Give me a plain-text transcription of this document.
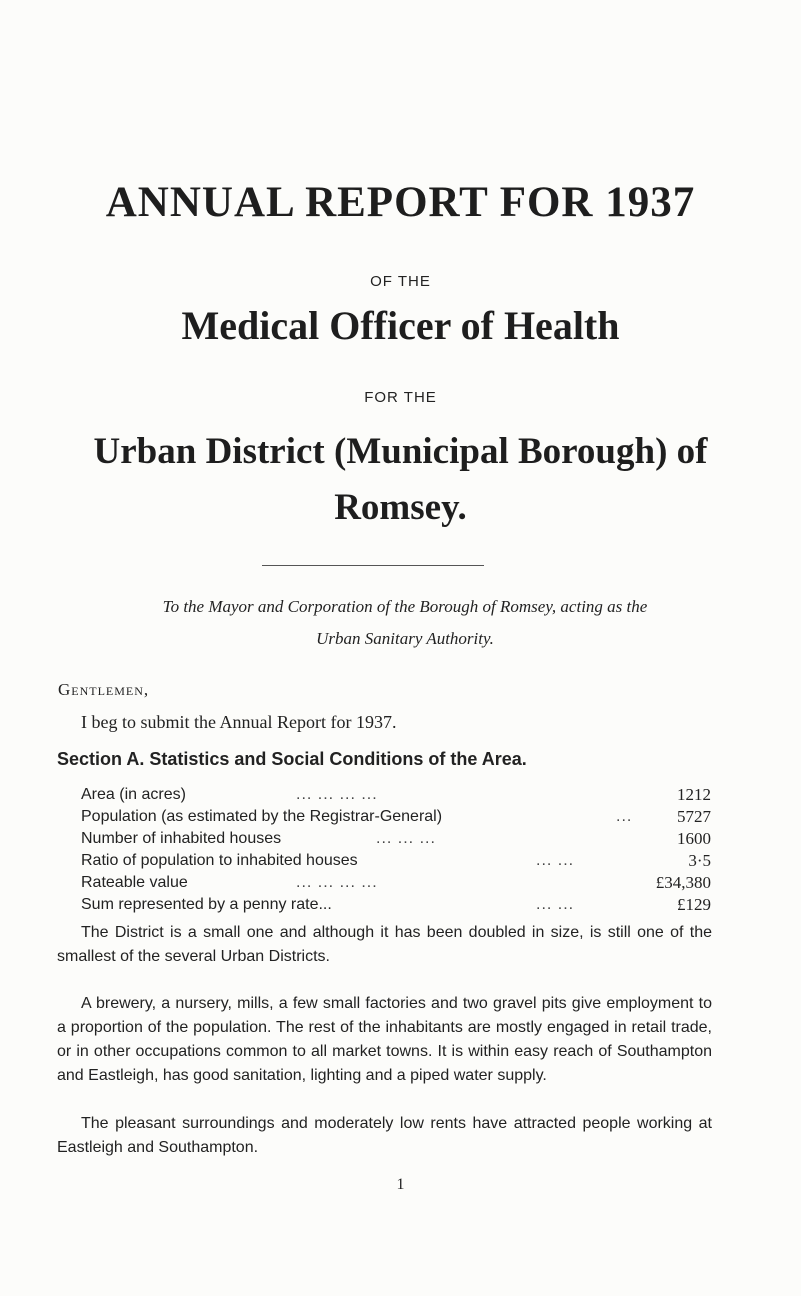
ANNUAL REPORT FOR 1937
OF THE
Medical Officer of Health
FOR THE
Urban District (Municipal Borough) of
Romsey.
To the Mayor and Corporation of the Borough of Romsey, acting as the
Urban Sanitary Authority.
Gentlemen,
I beg to submit the Annual Report for 1937.
Section A. Statistics and Social Conditions of the Area.
Area (in acres)	... ... ... ...	1212
Population (as estimated by the Registrar-General)	...	5727
Number of inhabited houses	... ... ...	1600
Ratio of population to inhabited houses	... ...	3·5
Rateable value	... ... ... ...	£34,380
Sum represented by a penny rate...	... ...	£129
The District is a small one and although it has been doubled in size, is still one of the smallest of the several Urban Districts.
A brewery, a nursery, mills, a few small factories and two gravel pits give employment to a proportion of the population. The rest of the inhabitants are mostly engaged in retail trade, or in other occupations common to all market towns. It is within easy reach of Southampton and Eastleigh, has good sanitation, lighting and a piped water supply.
The pleasant surroundings and moderately low rents have attracted people working at Eastleigh and Southampton.
1
